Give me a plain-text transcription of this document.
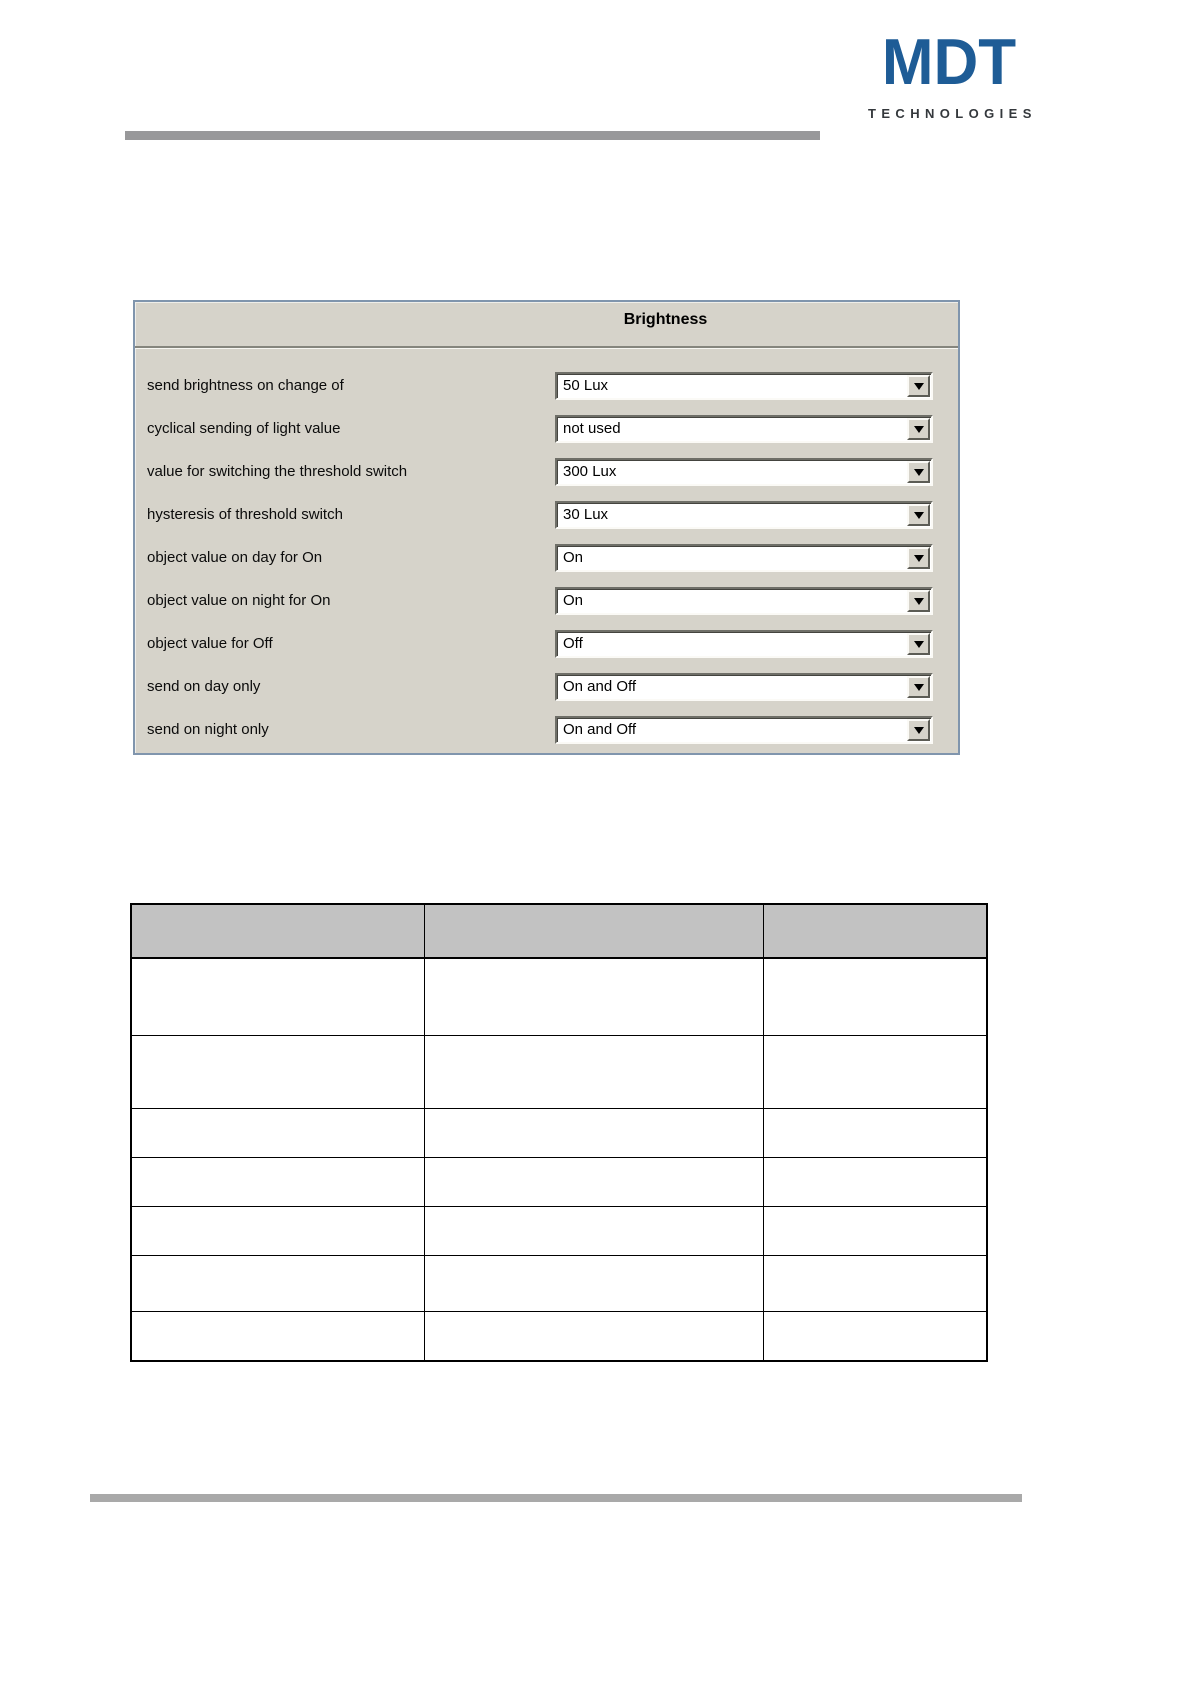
MDT
TECHNOLOGIES
Brightness
send brightness on change of	50 Lux
cyclical sending of light value	not used
value for switching the threshold switch	300 Lux
hysteresis of threshold switch	30 Lux
object value on day for On	On
object value on night for On	On
object value for Off	Off
send on day only	On and Off
send on night only	On and Off
